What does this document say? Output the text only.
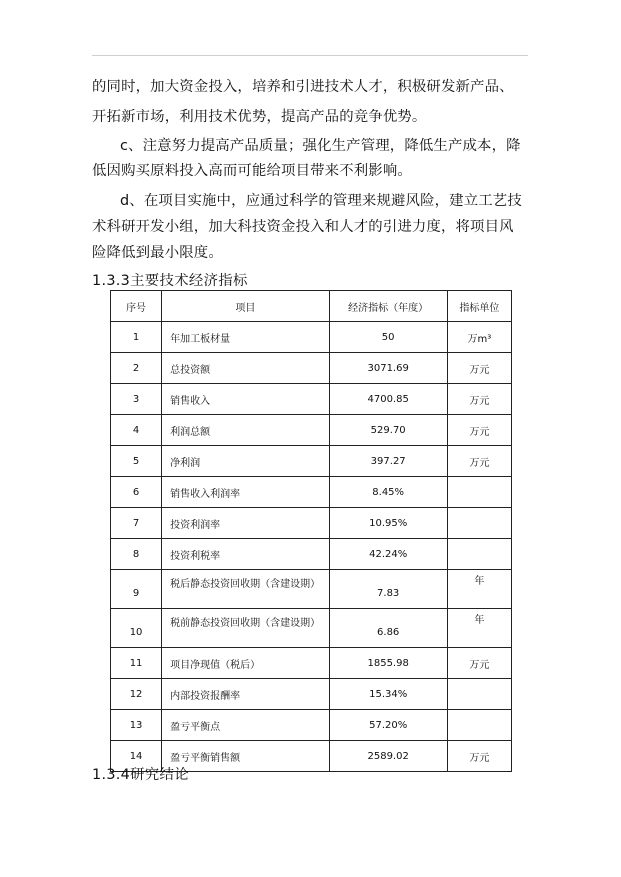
的同时，加大资金投入，培养和引进技术人才，积极研发新产品、
开拓新市场，利用技术优势，提高产品的竞争优势。
c、注意努力提高产品质量；强化生产管理，降低生产成本，降
低因购买原料投入高而可能给项目带来不利影响。
d、在项目实施中，应通过科学的管理来规避风险，建立工艺技
术科研开发小组，加大科技资金投入和人才的引进力度，将项目风
险降低到最小限度。
1.3.3主要技术经济指标
序号	项目	经济指标（年度）	指标单位
1	年加工板材量	50	万m³
2	总投资额	3071.69	万元
3	销售收入	4700.85	万元
4	利润总额	529.70	万元
5	净利润	397.27	万元
6	销售收入利润率	8.45%	
7	投资利润率	10.95%	
8	投资利税率	42.24%	
9	税后静态投资回收期（含建设期）	7.83	年

10	税前静态投资回收期（含建设期）	6.86	年

11	项目净现值（税后）	1855.98	万元
12	内部投资报酬率	15.34%	
13	盈亏平衡点	57.20%	
14	盈亏平衡销售额	2589.02	万元
1.3.4研究结论
